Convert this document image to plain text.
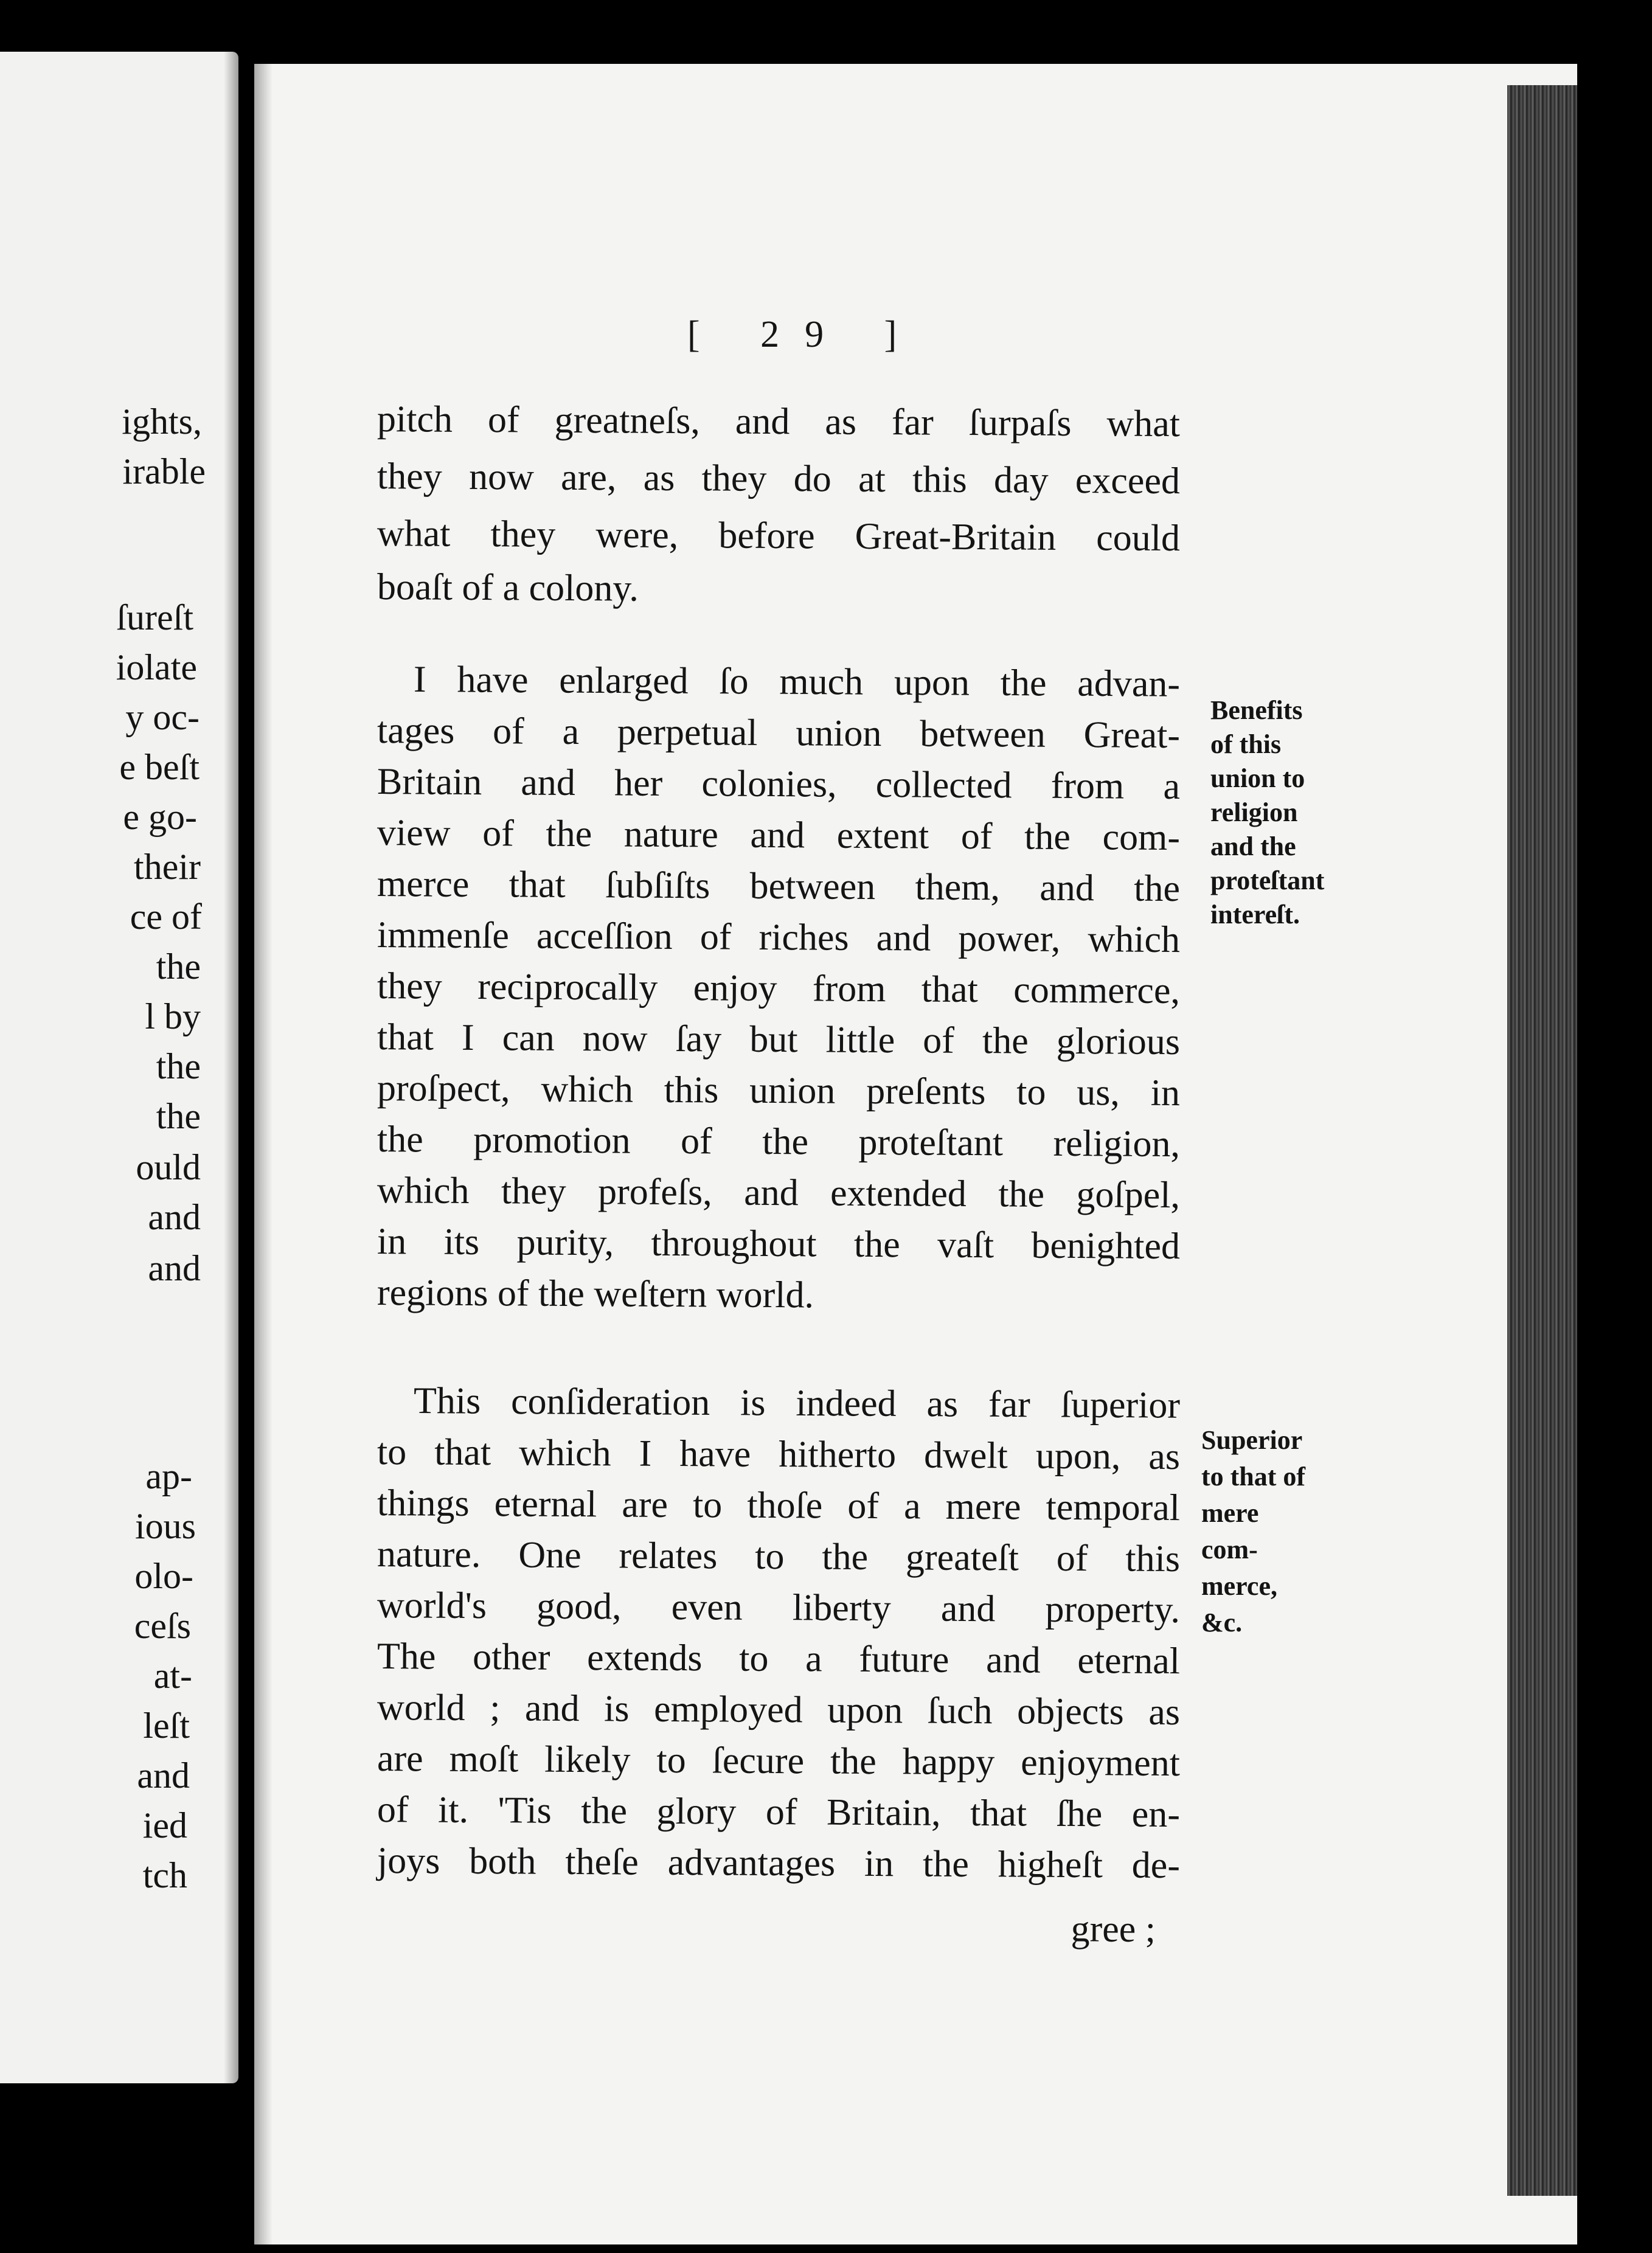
ights,
irable
ſureſt
iolate
y oc-
e beſt
e go-
their
ce of
the
l by
the
the
ould
and
and
ap-
ious
olo-
ceſs
at-
leſt
and
ied
tch
[ 29 ]
pitch of greatneſs, and as far ſurpaſs what
they now are, as they do at this day exceed
what they were, before Great-Britain could
boaſt of a colony.
I have enlarged ſo much upon the advan-
tages of a perpetual union between Great-
Britain and her colonies, collected from a
view of the nature and extent of the com-
merce that ſubſiſts between them, and the
immenſe acceſſion of riches and power, which
they reciprocally enjoy from that commerce,
that I can now ſay but little of the glorious
proſpect, which this union preſents to us, in
the promotion of the proteſtant religion,
which they profeſs, and extended the goſpel,
in its purity, throughout the vaſt benighted
regions of the weſtern world.
This conſideration is indeed as far ſuperior
to that which I have hitherto dwelt upon, as
things eternal are to thoſe of a mere temporal
nature. One relates to the greateſt of this
world's good, even liberty and property.
The other extends to a future and eternal
world ; and is employed upon ſuch objects as
are moſt likely to ſecure the happy enjoyment
of it. 'Tis the glory of Britain, that ſhe en-
joys both theſe advantages in the higheſt de-
gree ;
Benefits
of this
union to
religion
and the
proteſtant
intereſt.
Superior
to that of
mere
com-
merce,
&c.
